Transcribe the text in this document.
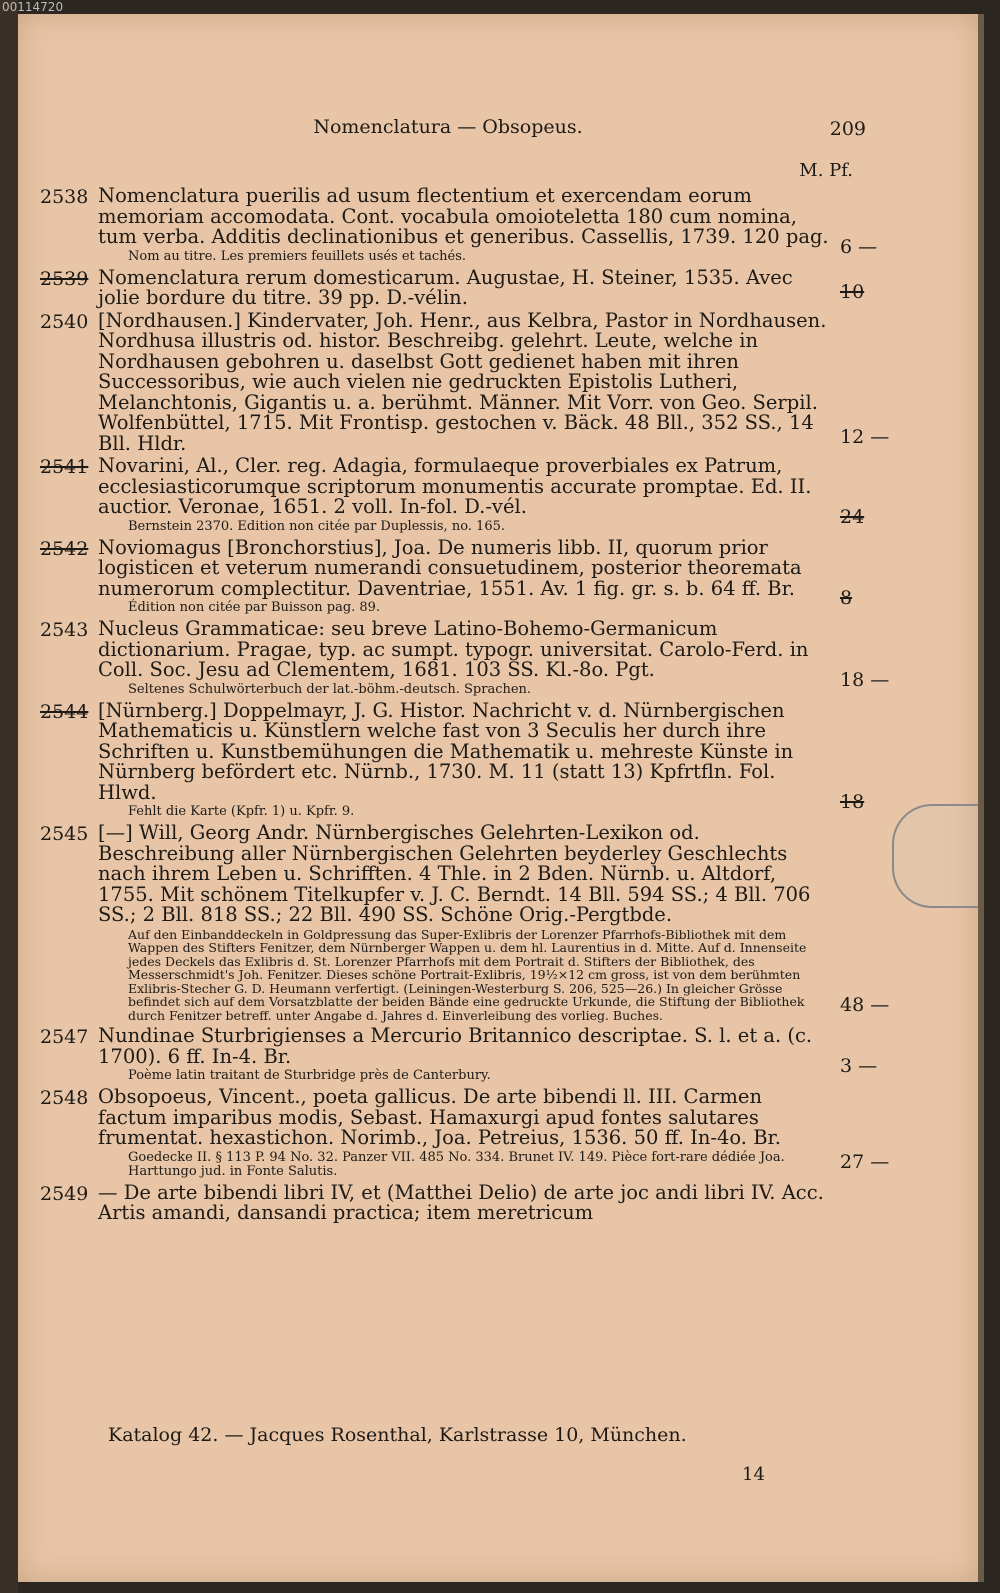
00114720
Nomenclatura — Obsopeus.	209
M. Pf.
2538 Nomenclatura puerilis ad usum flectentium et exercendam eorum memoriam accomodata. Cont. vocabula omoioteletta 180 cum nomina, tum verba. Additis declinationibus et generibus. Cassellis, 1739. 120 pag.
Nom au titre. Les premiers feuillets usés et tachés.	6 —
2539 Nomenclatura rerum domesticarum. Augustae, H. Steiner, 1535. Avec jolie bordure du titre. 39 pp. D.-vélin.	10
2540 [Nordhausen.] Kindervater, Joh. Henr., aus Kelbra, Pastor in Nordhausen. Nordhusa illustris od. histor. Beschreibg. gelehrt. Leute, welche in Nordhausen gebohren u. daselbst Gott gedienet haben mit ihren Successoribus, wie auch vielen nie gedruckten Epistolis Lutheri, Melanchtonis, Gigantis u. a. berühmt. Männer. Mit Vorr. von Geo. Serpil. Wolfenbüttel, 1715. Mit Frontisp. gestochen v. Bäck. 48 Bll., 352 SS., 14 Bll. Hldr.	12 —
2541 Novarini, Al., Cler. reg. Adagia, formulaeque proverbiales ex Patrum, ecclesiasticorumque scriptorum monumentis accurate promptae. Ed. II. auctior. Veronae, 1651. 2 voll. In-fol. D.-vél.
Bernstein 2370. Edition non citée par Duplessis, no. 165.	24
2542 Noviomagus [Bronchorstius], Joa. De numeris libb. II, quorum prior logisticen et veterum numerandi consuetudinem, posterior theoremata numerorum complectitur. Daventriae, 1551. Av. 1 fig. gr. s. b. 64 ff. Br.
Édition non citée par Buisson pag. 89.	8
2543 Nucleus Grammaticae: seu breve Latino-Bohemo-Germanicum dictionarium. Pragae, typ. ac sumpt. typogr. universitat. Carolo-Ferd. in Coll. Soc. Jesu ad Clementem, 1681. 103 SS. Kl.-8o. Pgt.
Seltenes Schulwörterbuch der lat.-böhm.-deutsch. Sprachen.	18 —
2544 [Nürnberg.] Doppelmayr, J. G. Histor. Nachricht v. d. Nürnbergischen Mathematicis u. Künstlern welche fast von 3 Seculis her durch ihre Schriften u. Kunstbemühungen die Mathematik u. mehreste Künste in Nürnberg befördert etc. Nürnb., 1730. M. 11 (statt 13) Kpfrtfln. Fol. Hlwd.
Fehlt die Karte (Kpfr. 1) u. Kpfr. 9.	18
2545 [—] Will, Georg Andr. Nürnbergisches Gelehrten-Lexikon od. Beschreibung aller Nürnbergischen Gelehrten beyderley Geschlechts nach ihrem Leben u. Schrifften. 4 Thle. in 2 Bden. Nürnb. u. Altdorf, 1755. Mit schönem Titelkupfer v. J. C. Berndt. 14 Bll. 594 SS.; 4 Bll. 706 SS.; 2 Bll. 818 SS.; 22 Bll. 490 SS. Schöne Orig.-Pergtbde.
Auf den Einbanddeckeln in Goldpressung das Super-Exlibris der Lorenzer Pfarrhofs-Bibliothek mit dem Wappen des Stifters Fenitzer, dem Nürnberger Wappen u. dem hl. Laurentius in d. Mitte. Auf d. Innenseite jedes Deckels das Exlibris d. St. Lorenzer Pfarrhofs mit dem Portrait d. Stifters der Bibliothek, des Messerschmidt's Joh. Fenitzer. Dieses schöne Portrait-Exlibris, 19½×12 cm gross, ist von dem berühmten Exlibris-Stecher G. D. Heumann verfertigt. (Leiningen-Westerburg S. 206, 525—26.) In gleicher Grösse befindet sich auf dem Vorsatzblatte der beiden Bände eine gedruckte Urkunde, die Stiftung der Bibliothek durch Fenitzer betreff. unter Angabe d. Jahres d. Einverleibung des vorlieg. Buches.	48 —
2547 Nundinae Sturbrigienses a Mercurio Britannico descriptae. S. l. et a. (c. 1700). 6 ff. In-4. Br.
Poème latin traitant de Sturbridge près de Canterbury.	3 —
2548 Obsopoeus, Vincent., poeta gallicus. De arte bibendi ll. III. Carmen factum imparibus modis, Sebast. Hamaxurgi apud fontes salutares frumentat. hexastichon. Norimb., Joa. Petreius, 1536. 50 ff. In-4o. Br.
Goedecke II. § 113 P. 94 No. 32. Panzer VII. 485 No. 334. Brunet IV. 149. Pièce fort-rare dédiée Joa. Harttungo jud. in Fonte Salutis.	27 —
2549 — De arte bibendi libri IV, et (Matthei Delio) de arte joc andi libri IV. Acc. Artis amandi, dansandi practica; item meretricum
Katalog 42. — Jacques Rosenthal, Karlstrasse 10, München.
14
